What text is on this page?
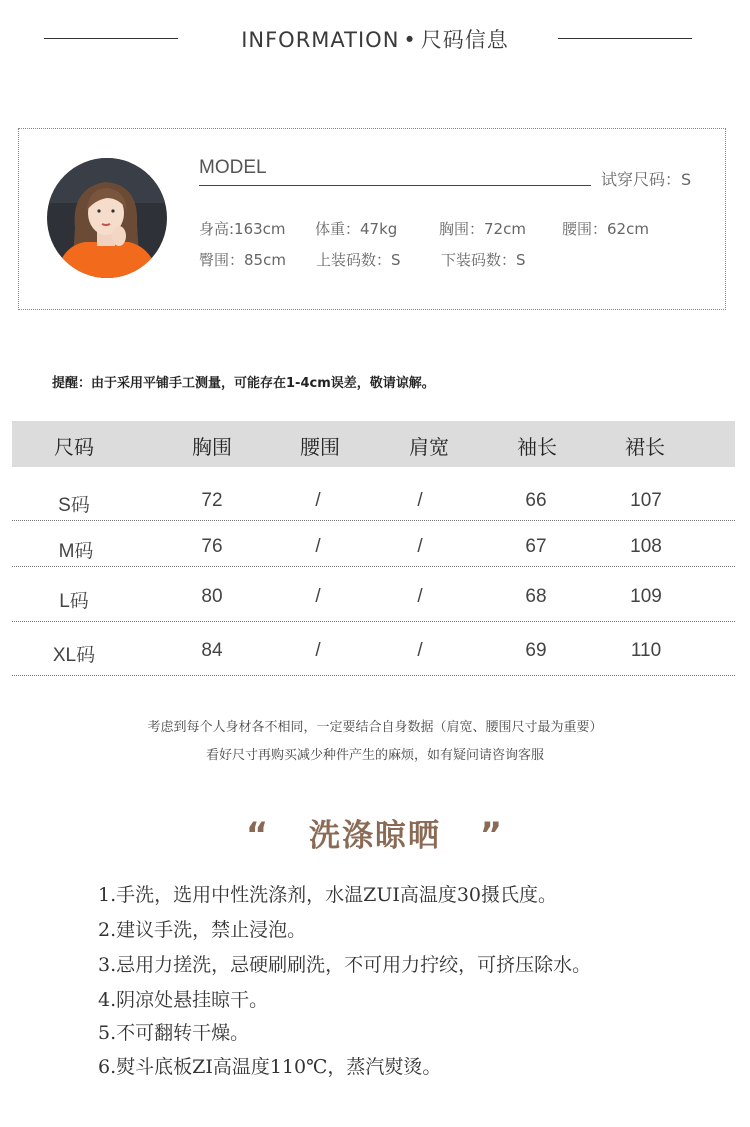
INFORMATION • 尺码信息
MODEL
试穿尺码：S
身高:163cm 体重：47kg	胸围：72cm 腰围：62cm
臀围：85cm 上装码数：S	下装码数：S
提醒：由于采用平铺手工测量，可能存在1-4cm误差，敬请谅解。
尺码	胸围	腰围	肩宽	袖长	裙长
S码	72	/	/	66	107
M码	76	/	/	67	108
L码	80	/	/	68	109
XL码	84	/	/	69	110
考虑到每个人身材各不相同，一定要结合自身数据（肩宽、腰围尺寸最为重要）
看好尺寸再购买减少种件产生的麻烦，如有疑问请咨询客服
“ 洗涤晾晒 ”
1.手洗，选用中性洗涤剂，水温ZUI高温度30摄氏度。
2.建议手洗，禁止浸泡。
3.忌用力搓洗，忌硬刷刷洗，不可用力拧绞，可挤压除水。
4.阴凉处悬挂晾干。
5.不可翻转干燥。
6.熨斗底板ZI高温度110℃，蒸汽熨烫。
